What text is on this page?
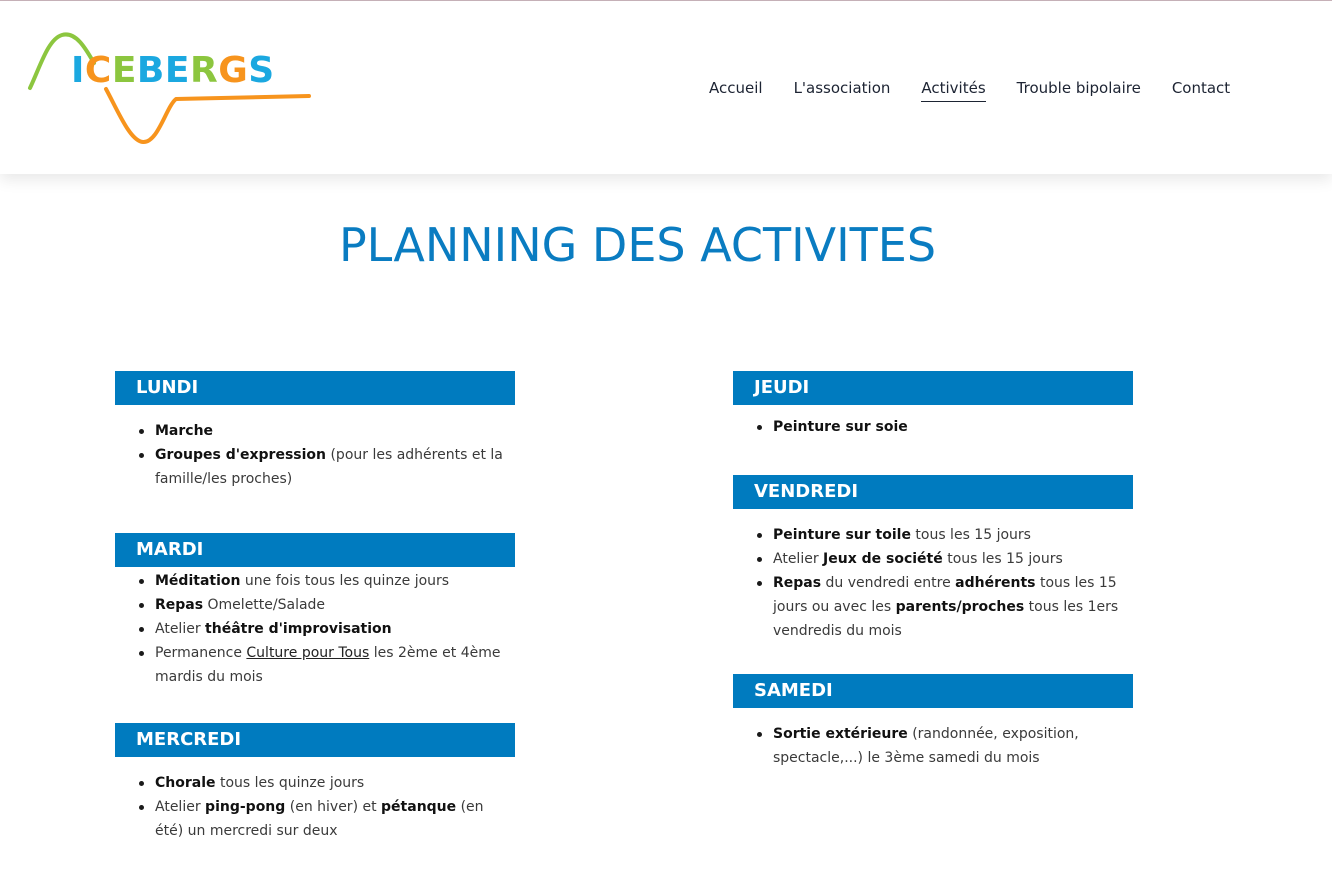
ICEBERGS	Accueil L'association Activités Trouble bipolaire Contact
PLANNING DES ACTIVITES
LUNDI
Marche
Groupes d'expression (pour les adhérents et la famille/les proches)
MARDI
Méditation une fois tous les quinze jours
Repas Omelette/Salade
Atelier théâtre d'improvisation
Permanence Culture pour Tous les 2ème et 4ème mardis du mois
MERCREDI
Chorale tous les quinze jours
Atelier ping-pong (en hiver) et pétanque (en été) un mercredi sur deux
JEUDI
Peinture sur soie
VENDREDI
Peinture sur toile tous les 15 jours
Atelier Jeux de société tous les 15 jours
Repas du vendredi entre adhérents tous les 15 jours ou avec les parents/proches tous les 1ers vendredis du mois
SAMEDI
Sortie extérieure (randonnée, exposition, spectacle,...) le 3ème samedi du mois
